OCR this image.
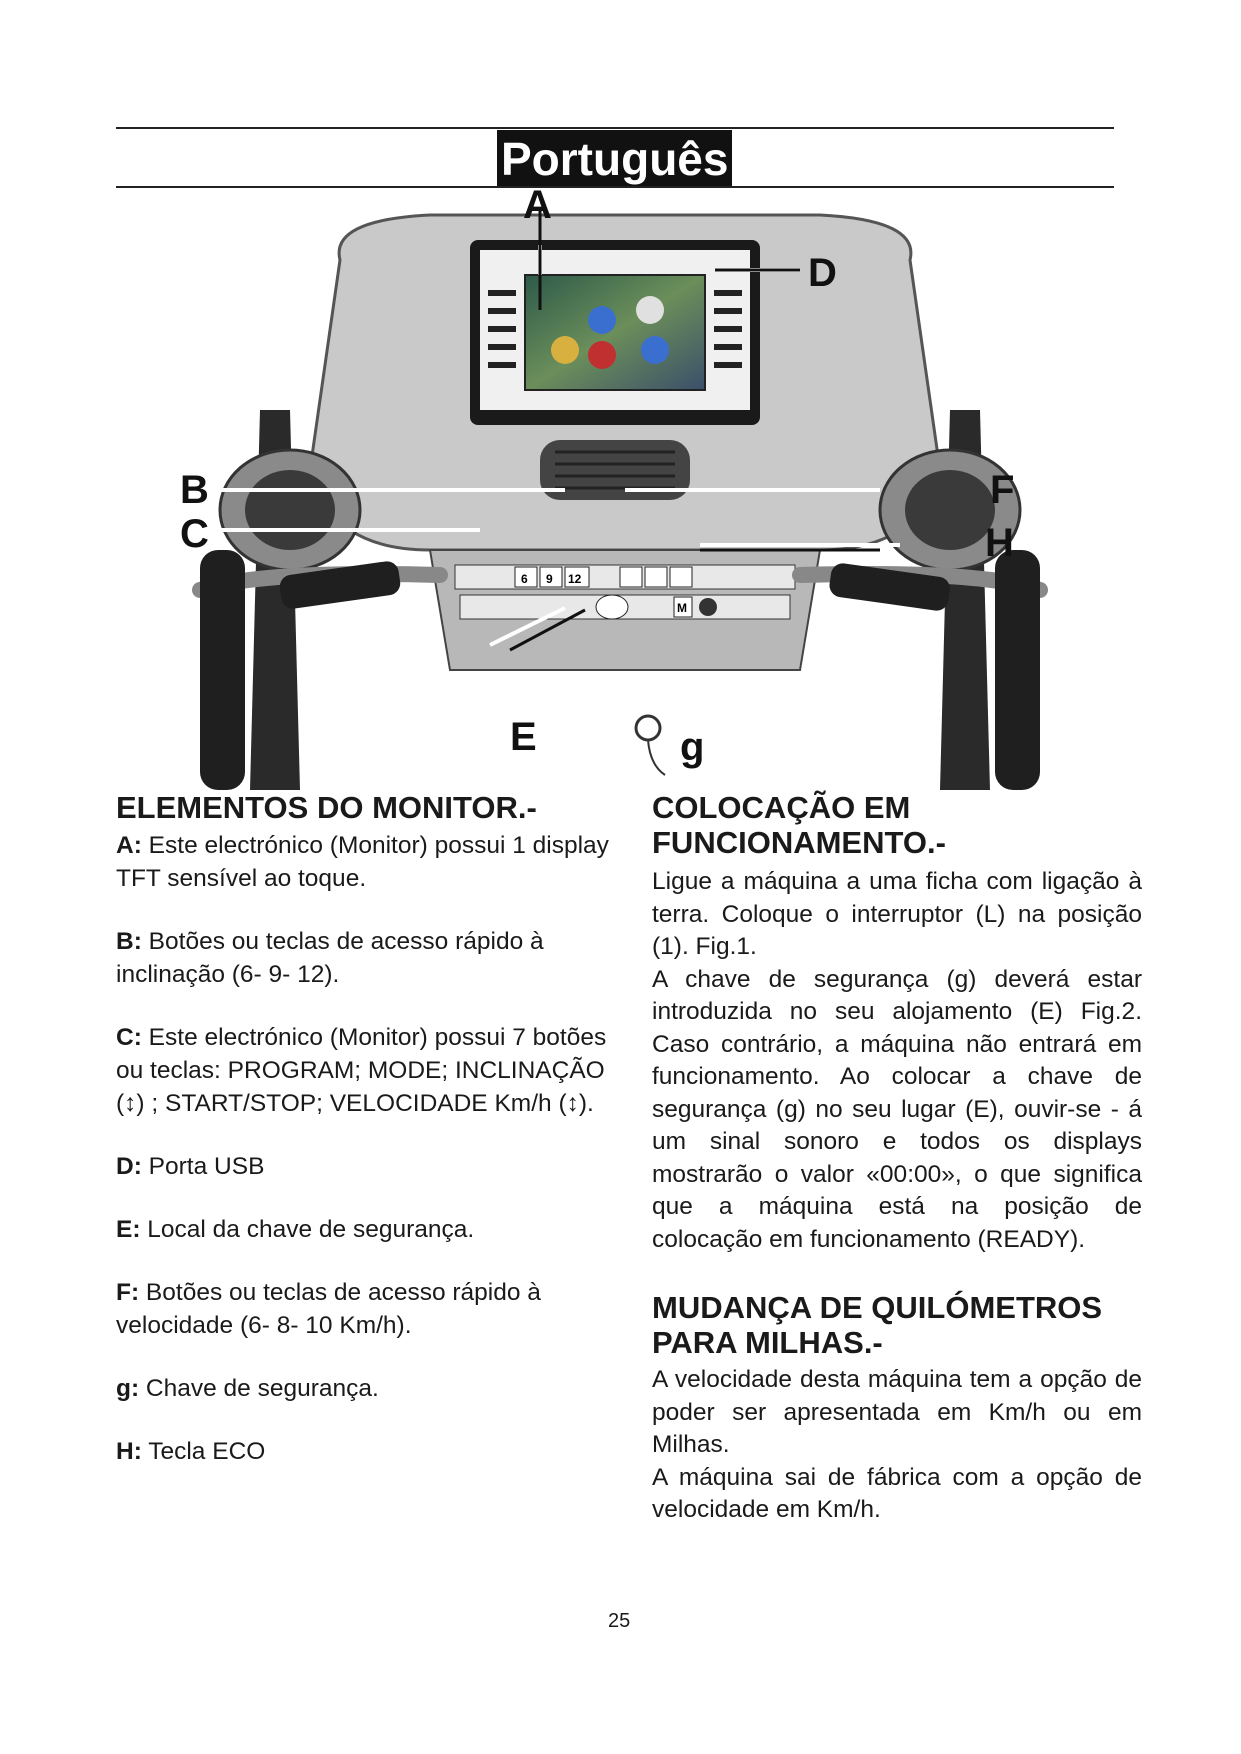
Português
6 9 12
M
A
D
B
C
F
H
E	g
ELEMENTOS DO MONITOR.-

A: Este electrónico (Monitor) possui 1 display TFT sensível ao toque.

B: Botões ou teclas de acesso rápido à inclinação (6- 9- 12).

C: Este electrónico (Monitor) possui 7 botões ou teclas: PROGRAM; MODE; INCLINAÇÃO (↕) ; START/STOP; VELOCIDADE Km/h (↕).

D: Porta USB

E: Local da chave de segurança.

F: Botões ou teclas de acesso rápido à velocidade (6- 8- 10 Km/h).

g: Chave de segurança.

H: Tecla ECO

COLOCAÇÃO EM FUNCIONAMENTO.-

Ligue a máquina a uma ficha com ligação à terra. Coloque o interruptor (L) na posição (1). Fig.1.

A chave de segurança (g) deverá estar introduzida no seu alojamento (E) Fig.2. Caso contrário, a máquina não entrará em funcionamento. Ao colocar a chave de segurança (g) no seu lugar (E), ouvir-se - á um sinal sonoro e todos os displays mostrarão o valor «00:00», o que significa que a máquina está na posição de colocação em funcionamento (READY).

MUDANÇA DE QUILÓMETROS PARA MILHAS.-

A velocidade desta máquina tem a opção de poder ser apresentada em Km/h ou em Milhas.

A máquina sai de fábrica com a opção de velocidade em Km/h.

25
